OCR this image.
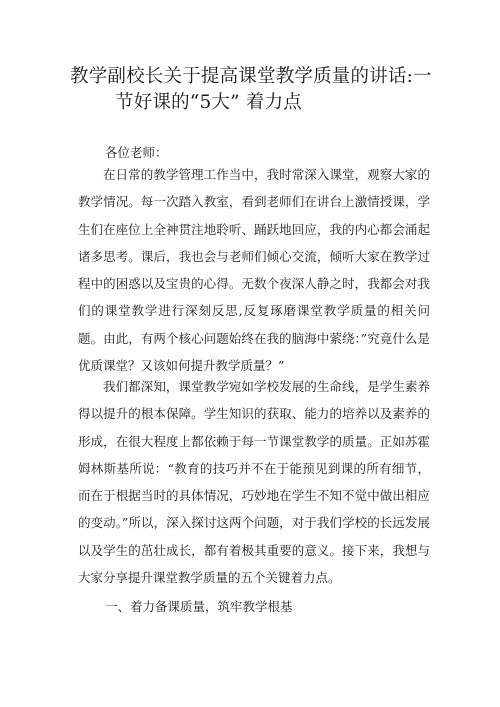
教学副校长关于提高课堂教学质量的讲话:一
节好课的“5大” 着力点
各位老师：

在日常的教学管理工作当中，我时常深入课堂，观察大家的教学情况。每一次踏入教室，看到老师们在讲台上激情授课，学生们在座位上全神贯注地聆听、踊跃地回应，我的内心都会涌起诸多思考。课后，我也会与老师们倾心交流，倾听大家在教学过程中的困惑以及宝贵的心得。无数个夜深人静之时，我都会对我们的课堂教学进行深刻反思,反复琢磨课堂教学质量的相关问题。由此，有两个核心问题始终在我的脑海中萦绕：”究竟什么是优质课堂？又该如何提升教学质量？”

我们都深知，课堂教学宛如学校发展的生命线，是学生素养得以提升的根本保障。学生知识的获取、能力的培养以及素养的形成，在很大程度上都依赖于每一节课堂教学的质量。正如苏霍姆林斯基所说：“教育的技巧并不在于能预见到课的所有细节，而在于根据当时的具体情况，巧妙地在学生不知不觉中做出相应的变动。”所以，深入探讨这两个问题，对于我们学校的长远发展以及学生的茁壮成长，都有着极其重要的意义。接下来，我想与大家分享提升课堂教学质量的五个关键着力点。

一、着力备课质量，筑牢教学根基
